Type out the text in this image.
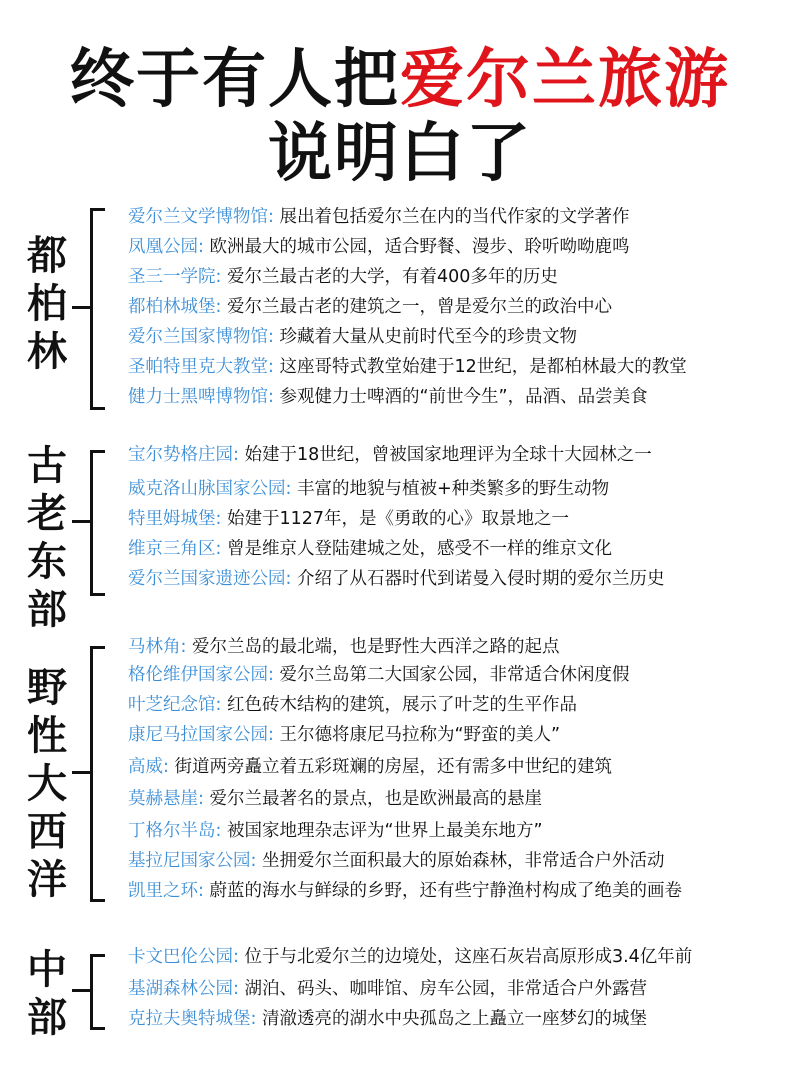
终于有人把爱尔兰旅游
说明白了
都
柏
林
爱尔兰文学博物馆: 展出着包括爱尔兰在内的当代作家的文学著作
凤凰公园: 欧洲最大的城市公园，适合野餐、漫步、聆听呦呦鹿鸣
圣三一学院: 爱尔兰最古老的大学，有着400多年的历史
都柏林城堡: 爱尔兰最古老的建筑之一，曾是爱尔兰的政治中心
爱尔兰国家博物馆: 珍藏着大量从史前时代至今的珍贵文物
圣帕特里克大教堂: 这座哥特式教堂始建于12世纪，是都柏林最大的教堂
健力士黑啤博物馆: 参观健力士啤酒的“前世今生”，品酒、品尝美食
古
老
东
部
宝尔势格庄园: 始建于18世纪，曾被国家地理评为全球十大园林之一
威克洛山脉国家公园: 丰富的地貌与植被+种类繁多的野生动物
特里姆城堡: 始建于1127年，是《勇敢的心》取景地之一
维京三角区: 曾是维京人登陆建城之处，感受不一样的维京文化
爱尔兰国家遗迹公园: 介绍了从石器时代到诺曼入侵时期的爱尔兰历史
野
性
大
西
洋
马林角: 爱尔兰岛的最北端，也是野性大西洋之路的起点
格伦维伊国家公园: 爱尔兰岛第二大国家公园，非常适合休闲度假
叶芝纪念馆: 红色砖木结构的建筑，展示了叶芝的生平作品
康尼马拉国家公园: 王尔德将康尼马拉称为“野蛮的美人”
高威: 街道两旁矗立着五彩斑斓的房屋，还有需多中世纪的建筑
莫赫悬崖: 爱尔兰最著名的景点，也是欧洲最高的悬崖
丁格尔半岛: 被国家地理杂志评为“世界上最美东地方”
基拉尼国家公园: 坐拥爱尔兰面积最大的原始森林，非常适合户外活动
凯里之环: 蔚蓝的海水与鲜绿的乡野，还有些宁静渔村构成了绝美的画卷
中
部
卡文巴伦公园: 位于与北爱尔兰的边境处，这座石灰岩高原形成3.4亿年前
基湖森林公园: 湖泊、码头、咖啡馆、房车公园，非常适合户外露营
克拉夫奥特城堡: 清澈透亮的湖水中央孤岛之上矗立一座梦幻的城堡
